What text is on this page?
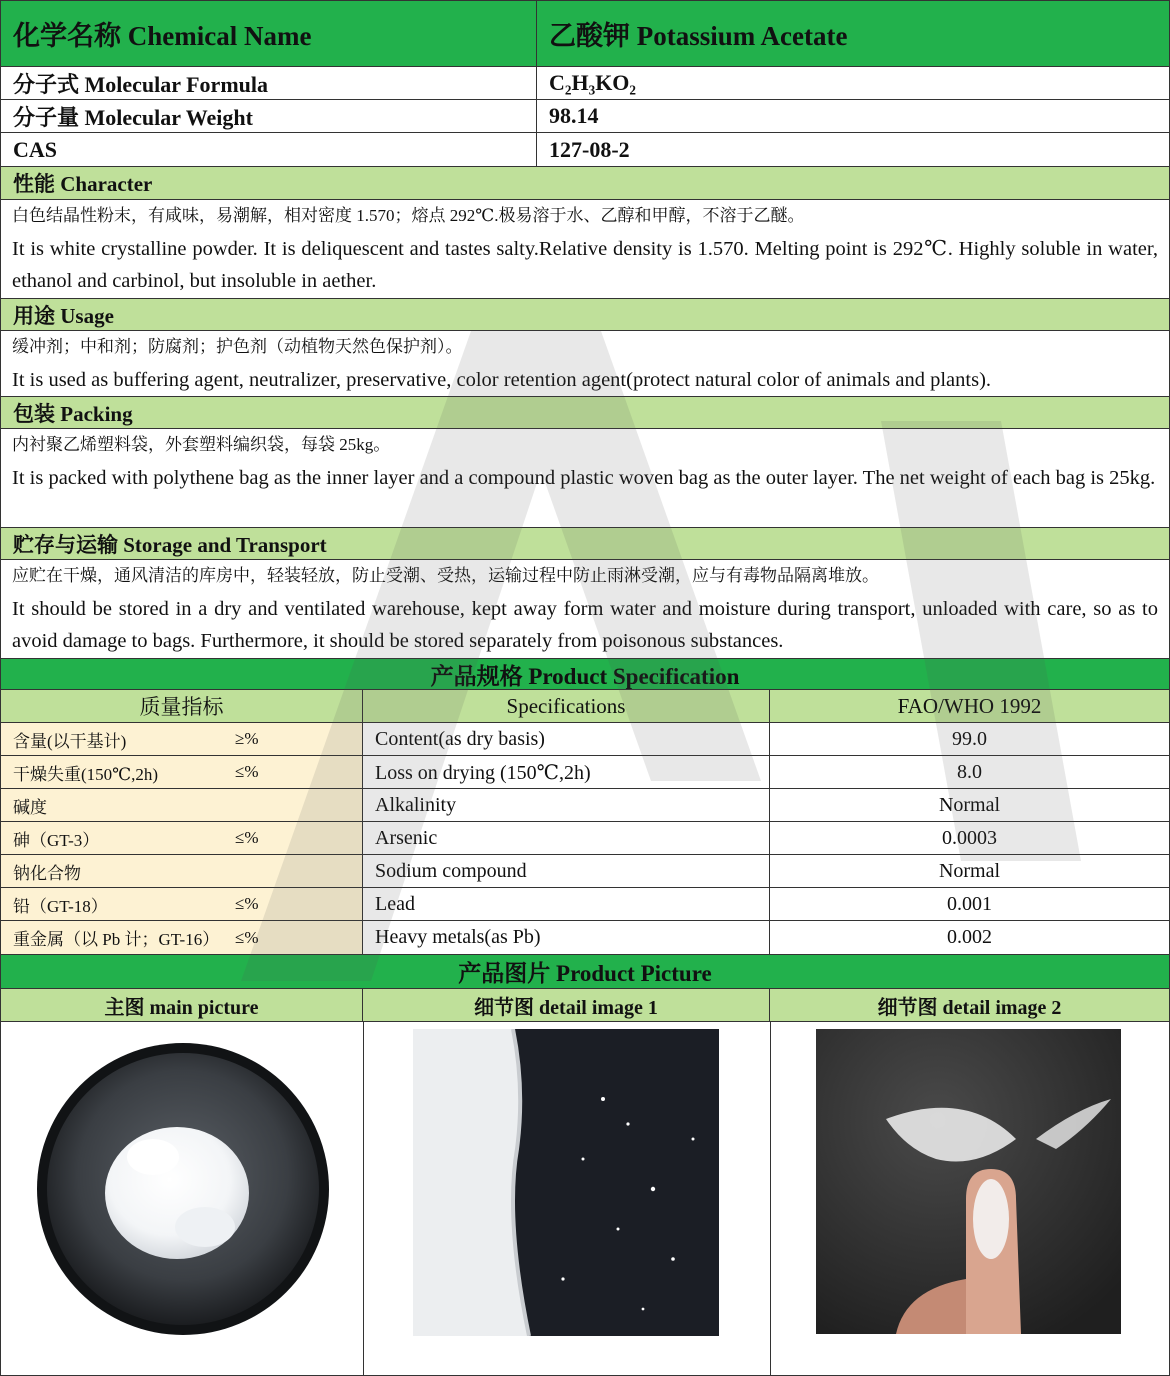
化学名称 Chemical Name	乙酸钾 Potassium Acetate
分子式 Molecular Formula	C₂H₃KO₂
分子量 Molecular Weight	98.14
CAS	127-08-2
性能 Character
白色结晶性粉末，有咸味，易潮解，相对密度 1.570；熔点 292℃.极易溶于水、乙醇和甲醇，不溶于乙醚。
It is white crystalline powder. It is deliquescent and tastes salty.Relative density is 1.570. Melting point is 292℃. Highly soluble in water, ethanol and carbinol, but insoluble in aether.
用途 Usage
缓冲剂；中和剂；防腐剂；护色剂（动植物天然色保护剂）。
It is used as buffering agent, neutralizer, preservative, color retention agent(protect natural color of animals and plants).
包装 Packing
内衬聚乙烯塑料袋，外套塑料编织袋，每袋 25kg。
It is packed with polythene bag as the inner layer and a compound plastic woven bag as the outer layer. The net weight of each bag is 25kg.
贮存与运输 Storage and Transport
应贮在干燥，通风清洁的库房中，轻装轻放，防止受潮、受热，运输过程中防止雨淋受潮，应与有毒物品隔离堆放。
It should be stored in a dry and ventilated warehouse, kept away form water and moisture during transport, unloaded with care, so as to avoid damage to bags. Furthermore, it should be stored separately from poisonous substances.
产品规格 Product Specification
质量指标	Specifications	FAO/WHO 1992
含量(以干基计)	≥%	Content(as dry basis)	99.0
干燥失重(150℃,2h)	≤%	Loss on drying (150℃,2h)	8.0
碱度	Alkalinity	Normal
砷（GT-3）	≤%	Arsenic	0.0003
钠化合物	Sodium compound	Normal
铅（GT-18）	≤%	Lead	0.001
重金属（以 Pb 计；GT-16） ≤%	Heavy metals(as Pb)	0.002
产品图片 Product Picture
主图 main picture	细节图 detail image 1	细节图 detail image 2
